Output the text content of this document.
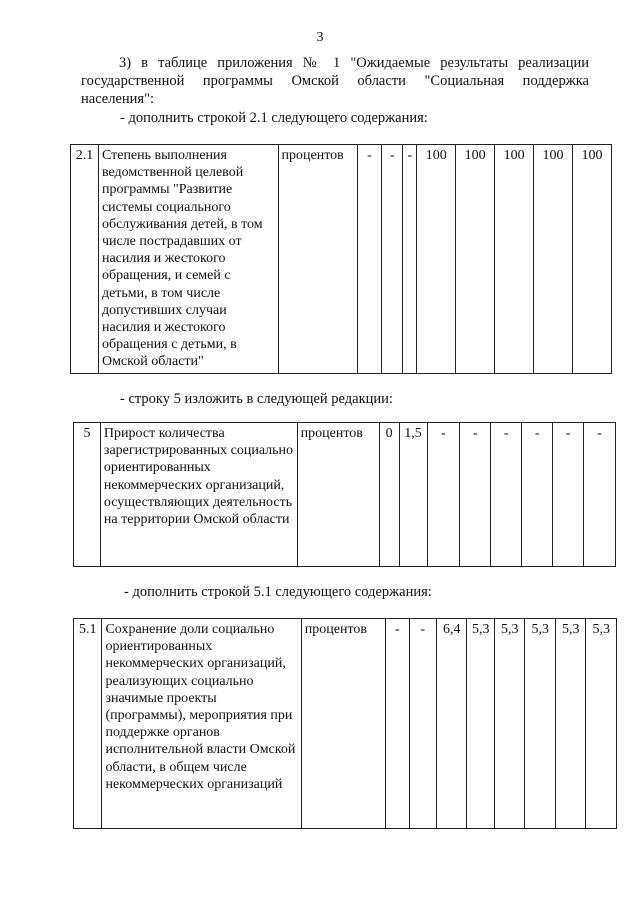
3
3) в таблице приложения № 1 "Ожидаемые результаты реализации государственной программы Омской области "Социальная поддержка населения":
- дополнить строкой 2.1 следующего содержания:
2.1	Степень выполнения ведомственной целевой программы "Развитие системы социального обслуживания детей, в том числе пострадавших от насилия и жестокого обращения, и семей с детьми, в том числе допустивших случаи насилия и жестокого обращения с детьми, в Омской области"	процентов	-	-	-	100	100	100	100	100
- строку 5 изложить в следующей редакции:
5	Прирост количества зарегистрированных социально ориентированных некоммерческих организаций, осуществляющих деятельность на территории Омской области	процентов	0	1,5	-	-	-	-	-	-
- дополнить строкой 5.1 следующего содержания:
5.1	Сохранение доли социально ориентированных некоммерческих организаций, реализующих социально значимые проекты (программы), мероприятия при поддержке органов исполнительной власти Омской области, в общем числе некоммерческих организаций	процентов	-	-	6,4	5,3	5,3	5,3	5,3	5,3
